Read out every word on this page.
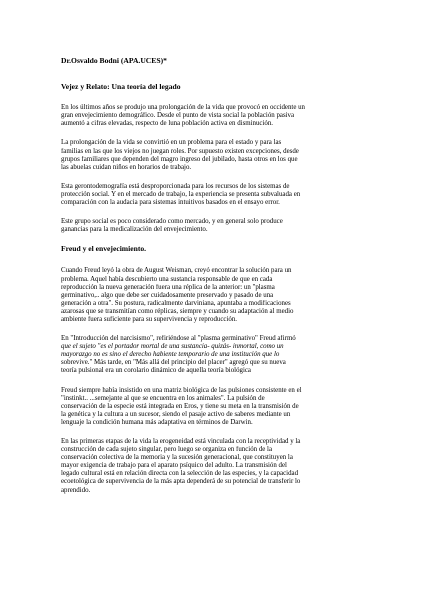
Dr.Osvaldo Bodni (APA.UCES)*
Vejez y Relato: Una teoría del legado
En los últimos años se produjo una prolongación de la vida que provocó en occidente un
gran envejecimiento demográfico. Desde el punto de vista social la población pasiva
aumentó a cifras elevadas, respecto de luna población activa en disminución.
La prolongación de la vida se convirtió en un problema para el estado y para las
familias en las que los viejos no juegan roles. Por supuesto existen excepciones, desde
grupos familiares que dependen del magro ingreso del jubilado, hasta otros en los que
las abuelas cuidan niños en horarios de trabajo.
Esta gerontodemografía está desproporcionada para los recursos de los sistemas de
protección social. Y en el mercado de trabajo, la experiencia se presenta subvaluada en
comparación con la audacia para sistemas intuitivos basados en el ensayo error.
Este grupo social es poco considerado como mercado, y en general solo produce
ganancias para la medicalización del envejecimiento.
Freud y el envejecimiento.
Cuando Freud leyó la obra de August Weisman, creyó encontrar la solución para un
problema. Aquel había descubierto una sustancia responsable de que en cada
reproducción la nueva generación fuera una réplica de la anterior: un "plasma
germinativo,.. algo que debe ser cuidadosamente preservado y pasado de una
generación a otra". Su postura, radicalmente darviniana, apuntaba a modificaciones
azarosas que se transmitían como réplicas, siempre y cuando su adaptación al medio
ambiente fuera suficiente para su supervivencia y reproducción.
En "Introducción del narcisismo", refiriéndose al "plasma germinativo" Freud afirmó
que el sujeto "es el portador mortal de una sustancia- quizás- inmortal, como un
mayorazgo no es sino el derecho habiente temporario de una institución que lo
sobrevive." Más tarde, en "Más allá del principio del placer" agregó que su nueva
teoría pulsional era un corolario dinámico de aquella teoría biológica
Freud siempre había insistido en una matriz biológica de las pulsiones consistente en el
"instinkt.. ...semejante al que se encuentra en los animales". La pulsión de
conservación de la especie está integrada en Eros, y tiene su meta en la transmisión de
la genética y la cultura a un sucesor, siendo el pasaje activo de saberes mediante un
lenguaje la condición humana más adaptativa en términos de Darwin.
En las primeras etapas de la vida la erogeneidad está vinculada con la receptividad y la
construcción de cada sujeto singular, pero luego se organiza en función de la
conservación colectiva de la memoria y la sucesión generacional, que constituyen la
mayor exigencia de trabajo para el aparato psíquico del adulto. La transmisión del
legado cultural está en relación directa con la selección de las especies, y la capacidad
ecoetológica de supervivencia de la más apta dependerá de su potencial de transferir lo
aprendido.
